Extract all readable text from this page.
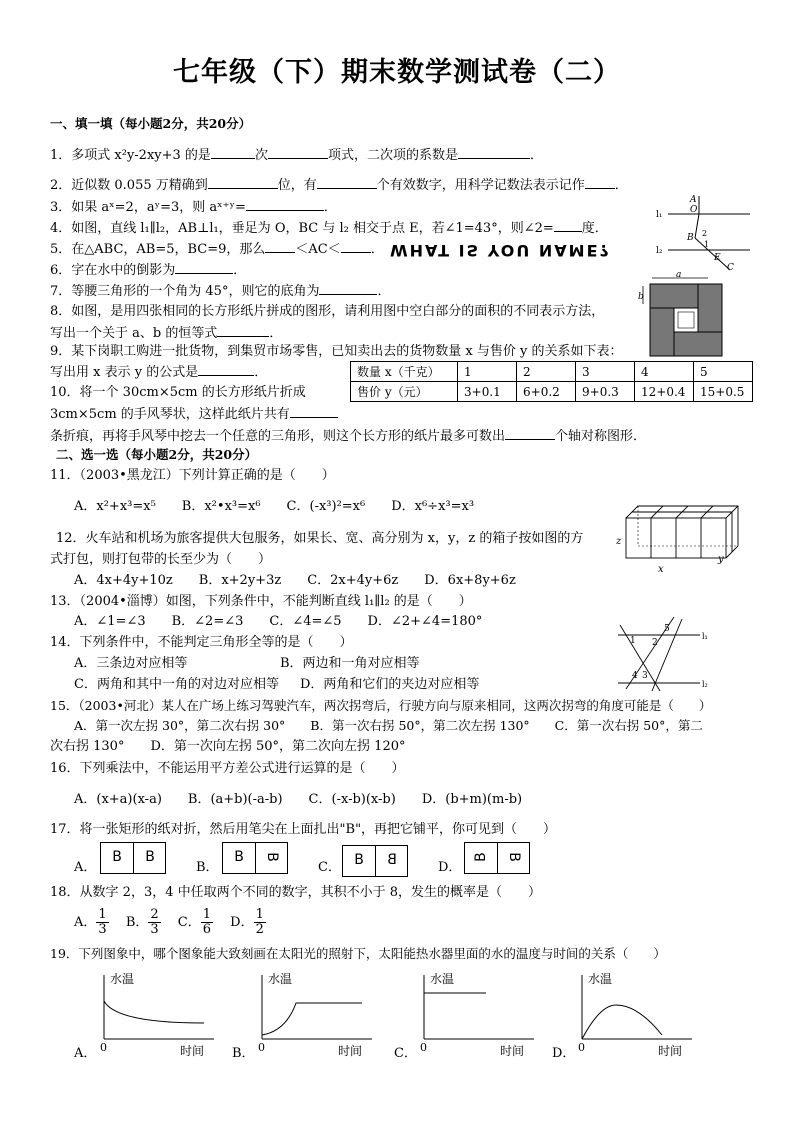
七年级（下）期末数学测试卷（二）
一、填一填（每小题2分，共20分）
1．多项式 x²y-2xy+3 的是	次	项式，二次项的系数是	．
2．近似数 0.055 万精确到	位，有	个有效数字，用科学记数法表示记作 ．
3．如果 aˣ=2，aʸ=3，则 aˣ⁺ʸ=	．
4．如图，直线 l₁∥l₂，AB⊥l₁，垂足为 O，BC 与 l₂ 相交于点 E，若∠1=43°，则∠2= 度．
5．在△ABC，AB=5，BC=9，那么 ＜AC＜ ． WHAT IS YOU NAME?
6．字在水中的倒影为	．
7．等腰三角形的一个角为 45°，则它的底角为	．
8．如图，是用四张相同的长方形纸片拼成的图形，请利用图中空白部分的面积的不同表示方法，
写出一个关于 a、b 的恒等式	．
9．某下岗职工购进一批货物，到集贸市场零售，已知卖出去的货物数量 x 与售价 y 的关系如下表：
写出用 x 表示 y 的公式是	．	数量 x（千克）	1	2	3	4	5
售价 y（元）	3+0.1	6+0.2	9+0.3	12+0.4	15+0.5
10．将一个 30cm×5cm 的长方形纸片折成
3cm×5cm 的手风琴状，这样此纸片共有
条折痕，再将手风琴中挖去一个任意的三角形，则这个长方形的纸片最多可数出	个轴对称图形．
二、选一选（每小题2分，共20分）
11．（2003•黑龙江）下列计算正确的是（　　）
A．x²+x³=x⁵　　B．x²•x³=x⁶　　C．(-x³)²=x⁶　　D．x⁶÷x³=x³
12．火车站和机场为旅客提供大包服务，如果长、宽、高分别为 x，y，z 的箱子按如图的方
式打包，则打包带的长至少为（　　）
A．4x+4y+10z　　B．x+2y+3z　　C．2x+4y+6z　　D．6x+8y+6z
13．（2004•淄博）如图，下列条件中，不能判断直线 l₁∥l₂ 的是（　　）
A．∠1=∠3　　B．∠2=∠3　　C．∠4=∠5　　D．∠2+∠4=180°
14．下列条件中，不能判定三角形全等的是（　　）
A．三条边对应相等	B．两边和一角对应相等
C．两角和其中一角的对边对应相等 D．两角和它们的夹边对应相等
15．（2003•河北）某人在广场上练习驾驶汽车，两次拐弯后，行驶方向与原来相同，这两次拐弯的角度可能是（　　）
A．第一次左拐 30°，第二次右拐 30°　　B．第一次右拐 50°，第二次左拐 130°　　C．第一次右拐 50°，第二
次右拐 130°　　D．第一次向左拐 50°，第二次向左拐 120°
16．下列乘法中，不能运用平方差公式进行运算的是（　　）
A．(x+a)(x-a)　　B．(a+b)(-a-b)　　C．(-x-b)(x-b)　　D．(b+m)(m-b)
17．将一张矩形的纸对折，然后用笔尖在上面扎出"B"，再把它铺平，你可见到（　　）
A．
B	B
B．
B	B
C． B	B	D．
B B
18．从数字 2，3，4 中任取两个不同的数字，其积不小于 8，发生的概率是（　　）
A． $\frac{1}{3}$
　 B． $\frac{2}{3}$
　 C． $\frac{1}{6}$
　 D． $\frac{1}{2}$
19．下列图象中，哪个图象能大致刻画在太阳光的照射下，太阳能热水器里面的水的温度与时间的关系（　　）
l₁
l₂
A
O
B 2
1
E
C
a
b
z
x
y
l₁
l₂
1 2
5
4 3
A．
水温
0	时间 B．
水温
0	时间 C．
水温
0	时间 D．
水温
0	时间
